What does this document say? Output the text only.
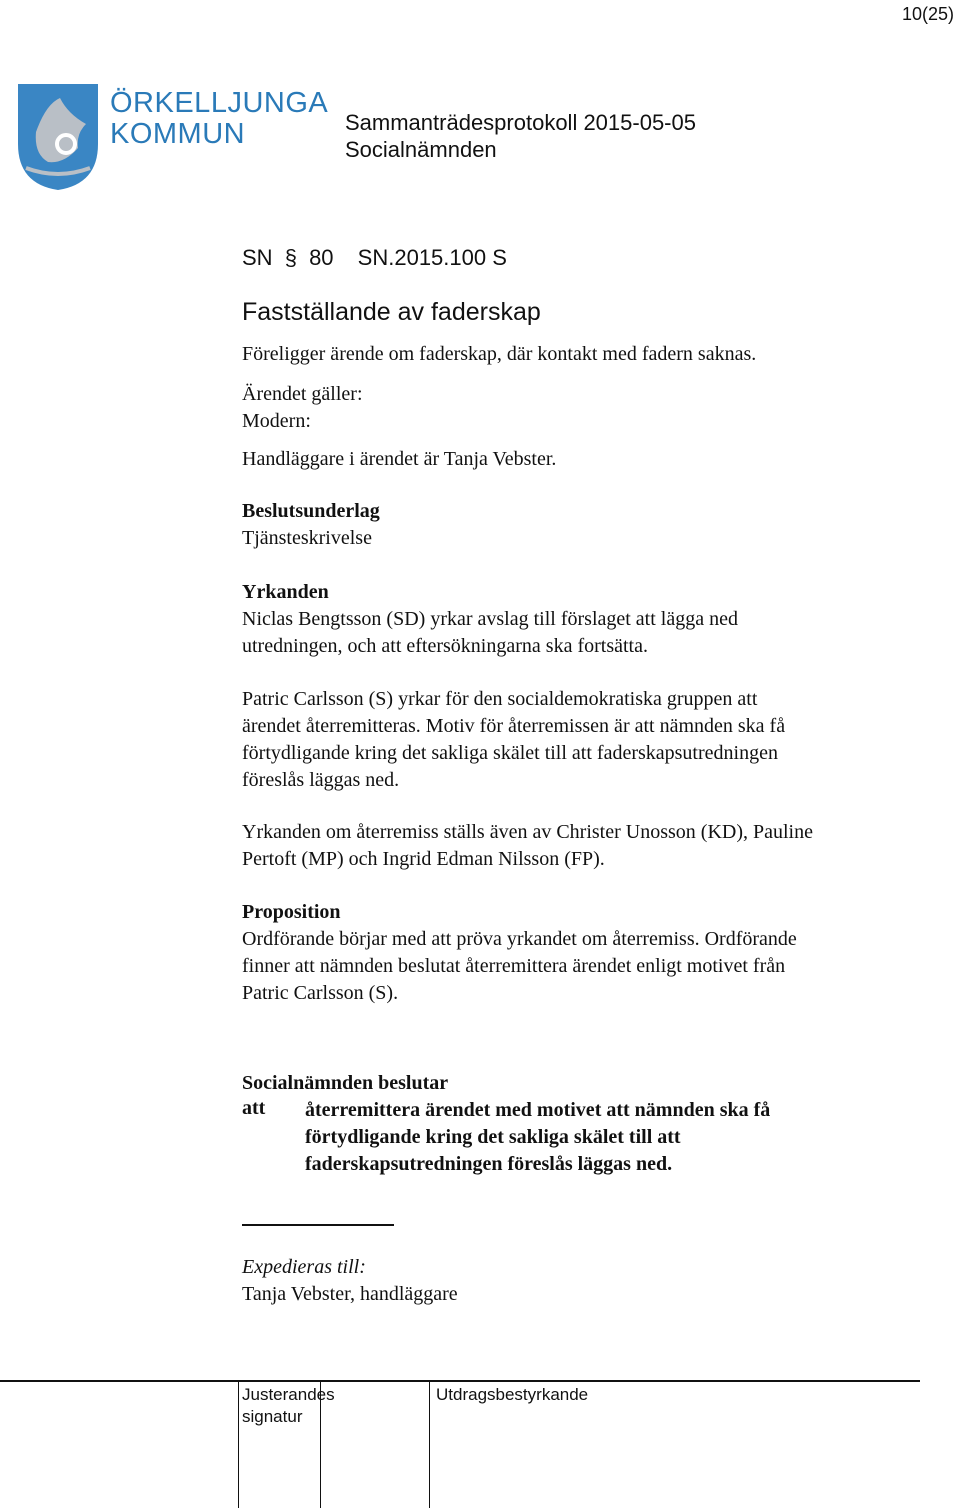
10(25)
ÖRKELLJUNGA
KOMMUN	Sammanträdesprotokoll 2015-05-05
Socialnämnden
SN § 80 SN.2015.100 S
Fastställande av faderskap
Föreligger ärende om faderskap, där kontakt med fadern saknas.
Ärendet gäller:
Modern:
Handläggare i ärendet är Tanja Vebster.
Beslutsunderlag
Tjänsteskrivelse
Yrkanden
Niclas Bengtsson (SD) yrkar avslag till förslaget att lägga ned
utredningen, och att eftersökningarna ska fortsätta.
Patric Carlsson (S) yrkar för den socialdemokratiska gruppen att
ärendet återremitteras. Motiv för återremissen är att nämnden ska få
förtydligande kring det sakliga skälet till att faderskapsutredningen
föreslås läggas ned.
Yrkanden om återremiss ställs även av Christer Unosson (KD), Pauline
Pertoft (MP) och Ingrid Edman Nilsson (FP).
Proposition
Ordförande börjar med att pröva yrkandet om återremiss. Ordförande
finner att nämnden beslutat återremittera ärendet enligt motivet från
Patric Carlsson (S).
Socialnämnden beslutar
att återremittera ärendet med motivet att nämnden ska få
förtydligande kring det sakliga skälet till att
faderskapsutredningen föreslås läggas ned.
Expedieras till:
Tanja Vebster, handläggare
Justerandes
signatur
Utdragsbestyrkande
